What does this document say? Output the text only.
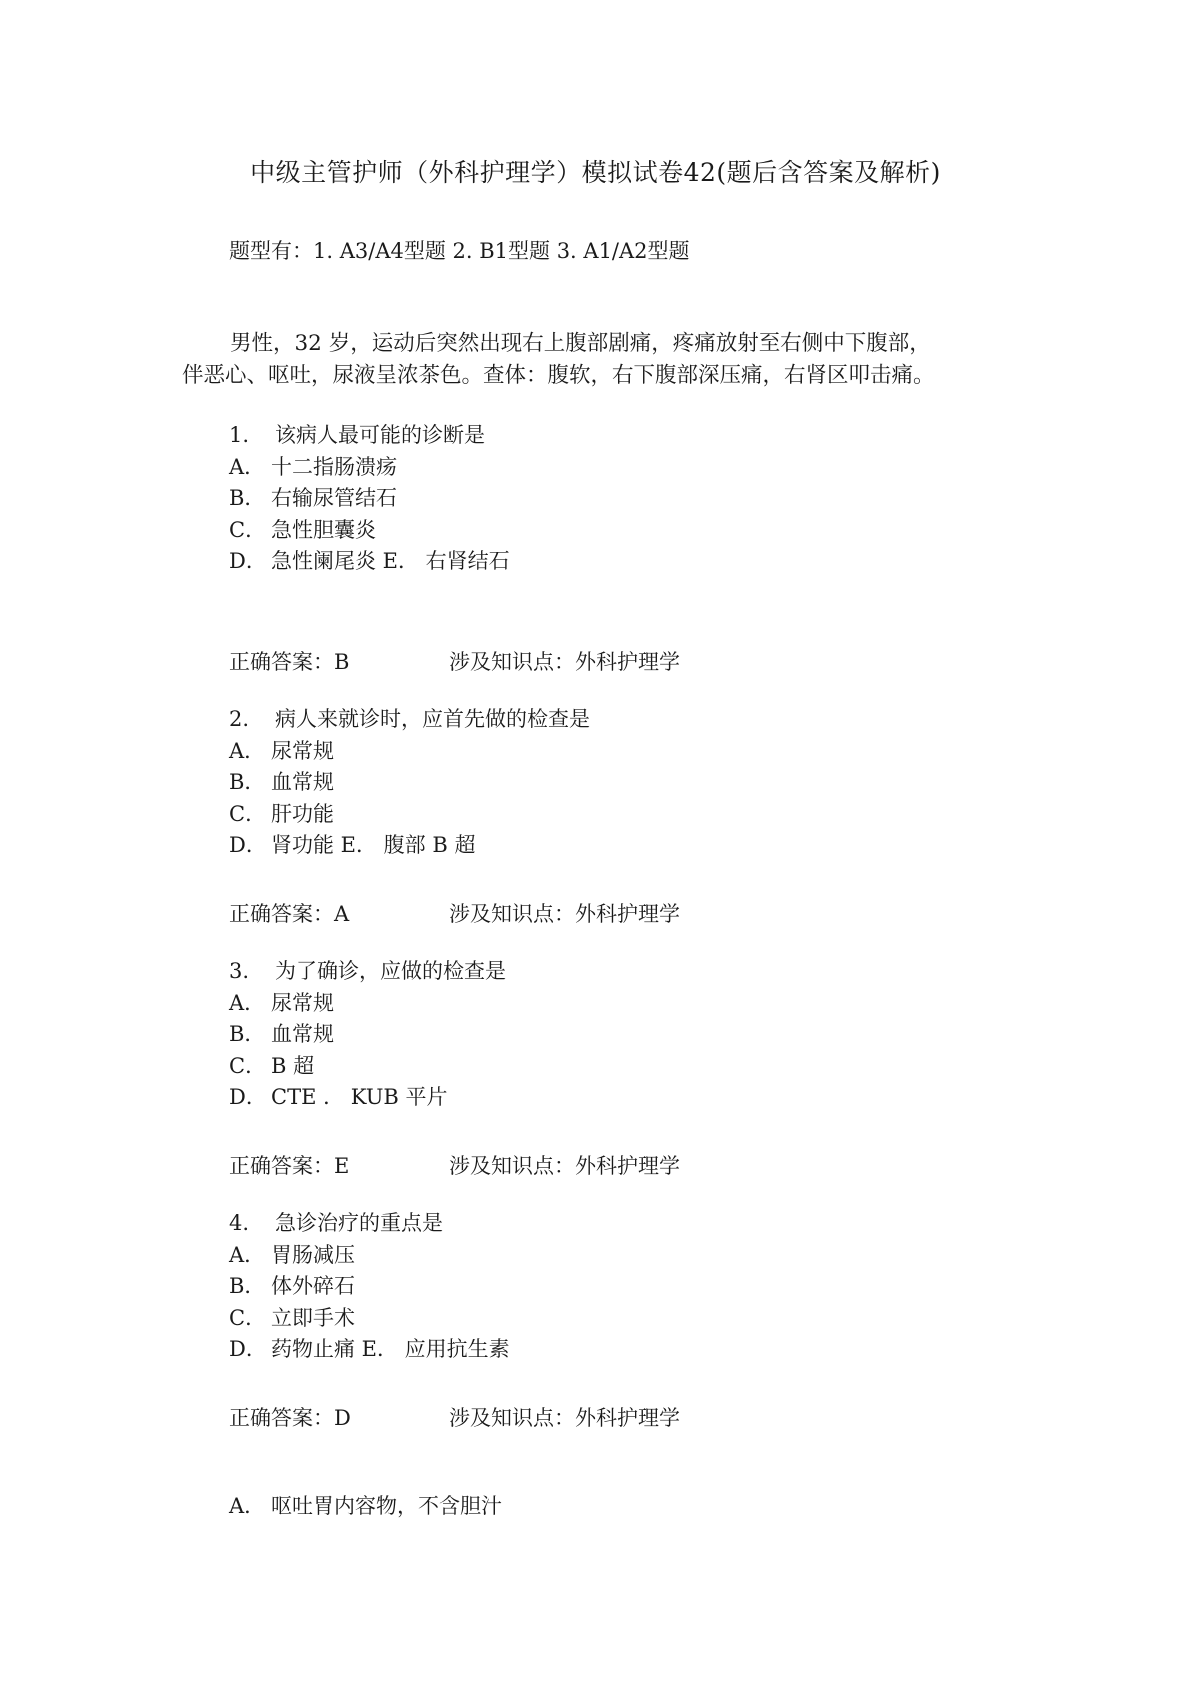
中级主管护师（外科护理学）模拟试卷42(题后含答案及解析)
题型有：1. A3/A4型题 2. B1型题 3. A1/A2型题

男性，32 岁，运动后突然出现右上腹部剧痛，疼痛放射至右侧中下腹部，

伴恶心、呕吐，尿液呈浓茶色。查体：腹软，右下腹部深压痛，右肾区叩击痛。

1. 该病人最可能的诊断是
A． 十二指肠溃疡
B． 右输尿管结石
C． 急性胆囊炎
D． 急性阑尾炎 E． 右肾结石
正确答案：B	涉及知识点：外科护理学
2. 病人来就诊时，应首先做的检查是
A． 尿常规
B． 血常规
C． 肝功能
D． 肾功能 E． 腹部 B 超
正确答案：A	涉及知识点：外科护理学
3. 为了确诊，应做的检查是
A． 尿常规
B． 血常规
C． B 超
D． CTE ． KUB 平片
正确答案：E	涉及知识点：外科护理学
4. 急诊治疗的重点是
A． 胃肠减压
B． 体外碎石
C． 立即手术
D． 药物止痛 E． 应用抗生素
正确答案：D	涉及知识点：外科护理学
A． 呕吐胃内容物，不含胆汁
